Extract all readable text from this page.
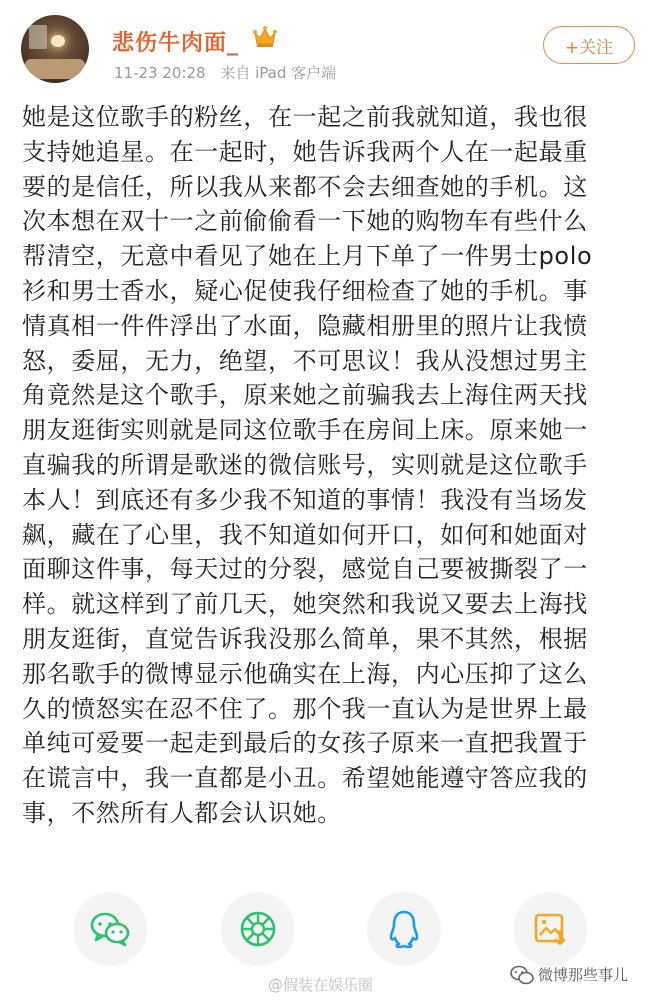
悲伤牛肉面_
11-23 20:28 来自 iPad 客户端
+关注
她是这位歌手的粉丝，在一起之前我就知道，我也很
支持她追星。在一起时，她告诉我两个人在一起最重
要的是信任，所以我从来都不会去细查她的手机。这
次本想在双十一之前偷偷看一下她的购物车有些什么
帮清空，无意中看见了她在上月下单了一件男士polo
衫和男士香水，疑心促使我仔细检查了她的手机。事
情真相一件件浮出了水面，隐藏相册里的照片让我愤
怒，委屈，无力，绝望，不可思议！我从没想过男主
角竟然是这个歌手，原来她之前骗我去上海住两天找
朋友逛街实则就是同这位歌手在房间上床。原来她一
直骗我的所谓是歌迷的微信账号，实则就是这位歌手
本人！到底还有多少我不知道的事情！我没有当场发
飙，藏在了心里，我不知道如何开口，如何和她面对
面聊这件事，每天过的分裂，感觉自己要被撕裂了一
样。就这样到了前几天，她突然和我说又要去上海找
朋友逛街，直觉告诉我没那么简单，果不其然，根据
那名歌手的微博显示他确实在上海，内心压抑了这么
久的愤怒实在忍不住了。那个我一直认为是世界上最
单纯可爱要一起走到最后的女孩子原来一直把我置于
在谎言中，我一直都是小丑。希望她能遵守答应我的
事，不然所有人都会认识她。
@假装在娱乐圈
微博那些事儿
